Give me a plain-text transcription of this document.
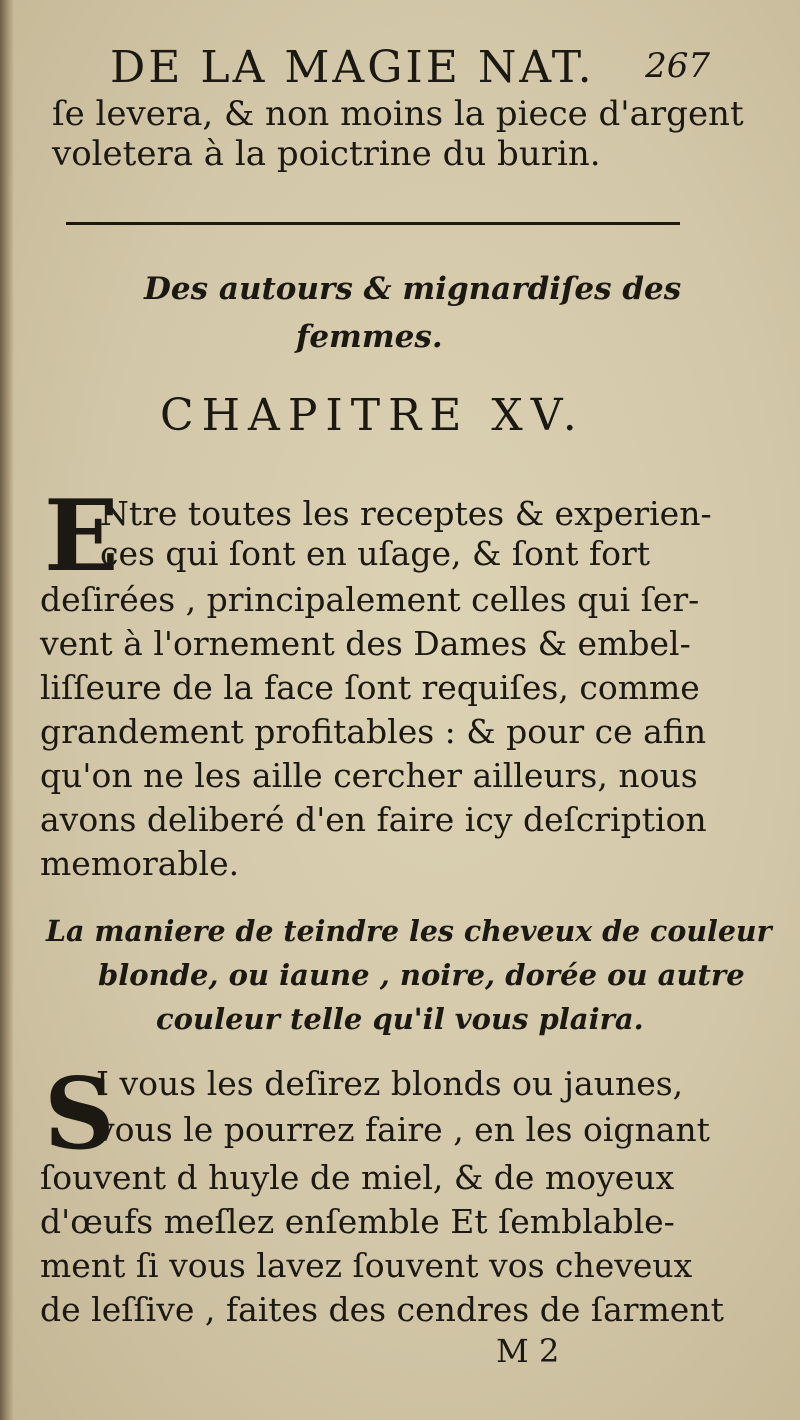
DE LA MAGIE NAT. 267
ſe levera, & non moins la piece d'argent
voletera à la poictrine du burin.
Des autours & mignardiſes des
femmes.
CHAPITRE XV.
E
Ntre toutes les receptes & experien-
ces qui ſont en uſage, & ſont fort
deſirées , principalement celles qui ſer-
vent à l'ornement des Dames & embel-
liſſeure de la face ſont requiſes, comme
grandement profitables : & pour ce afin
qu'on ne les aille cercher ailleurs, nous
avons deliberé d'en faire icy deſcription
memorable.
La maniere de teindre les cheveux de couleur
blonde, ou iaune , noire, dorée ou autre
couleur telle qu'il vous plaira.
S
I vous les deſirez blonds ou jaunes,
vous le pourrez faire , en les oignant
ſouvent d huyle de miel, & de moyeux
d'œufs meſlez enſemble Et ſemblable-
ment ſi vous lavez ſouvent vos cheveux
de leſſive , faites des cendres de ſarment
M 2
